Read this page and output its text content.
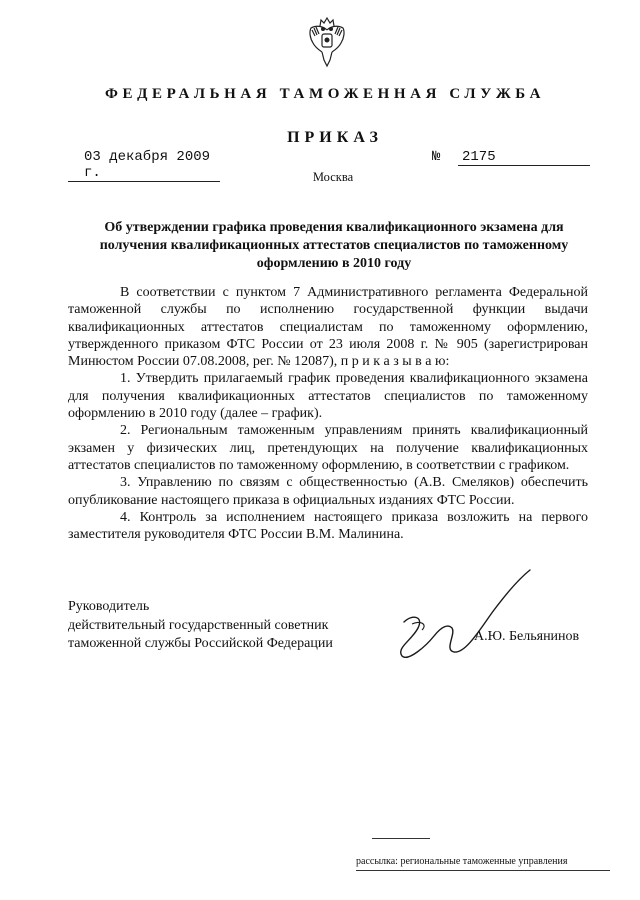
ФЕДЕРАЛЬНАЯ ТАМОЖЕННАЯ СЛУЖБА
ПРИКАЗ
03 декабря 2009 г.
№ 2175
Москва
Об утверждении графика проведения квалификационного экзамена для получения квалификационных аттестатов специалистов по таможенному оформлению в 2010 году

В соответствии с пунктом 7 Административного регламента Федеральной таможенной службы по исполнению государственной функции выдачи квалификационных аттестатов специалистам по таможенному оформлению, утвержденного приказом ФТС России от 23 июля 2008 г. № 905 (зарегистрирован Минюстом России 07.08.2008, рег. № 12087), п р и к а з ы в а ю:

1. Утвердить прилагаемый график проведения квалификационного экзамена для получения квалификационных аттестатов специалистов по таможенному оформлению в 2010 году (далее – график).

2. Региональным таможенным управлениям принять квалификационный экзамен у физических лиц, претендующих на получение квалификационных аттестатов специалистов по таможенному оформлению, в соответствии с графиком.

3. Управлению по связям с общественностью (А.В. Смеляков) обеспечить опубликование настоящего приказа в официальных изданиях ФТС России.

4. Контроль за исполнением настоящего приказа возложить на первого заместителя руководителя ФТС России В.М. Малинина.

Руководитель
действительный государственный советник
таможенной службы Российской Федерации	А.Ю. Бельянинов
рассылка: региональные таможенные управления
